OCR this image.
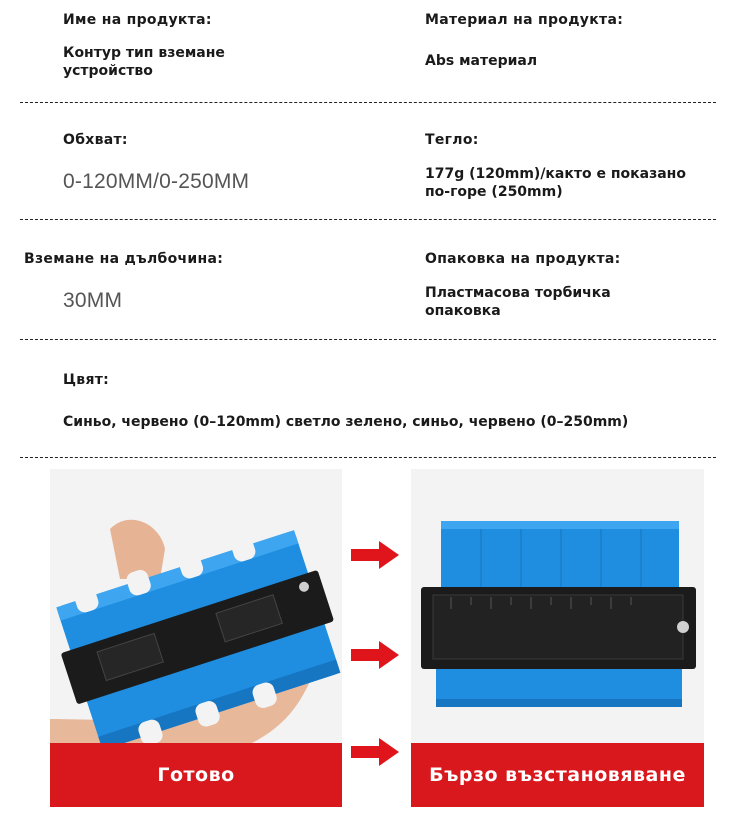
Име на продукта:
Контур тип вземане устройство
Материал на продукта:
Abs материал
Обхват:
0-120MM/0-250MM
Тегло:
177g (120mm)/както е показано по-горе (250mm)
Вземане на дълбочина:
30MM
Опаковка на продукта:
Пластмасова торбичка опаковка
Цвят:
Синьо, червено (0–120mm) светло зелено, синьо, червено (0–250mm)
Готово	Бързо възстановяване
